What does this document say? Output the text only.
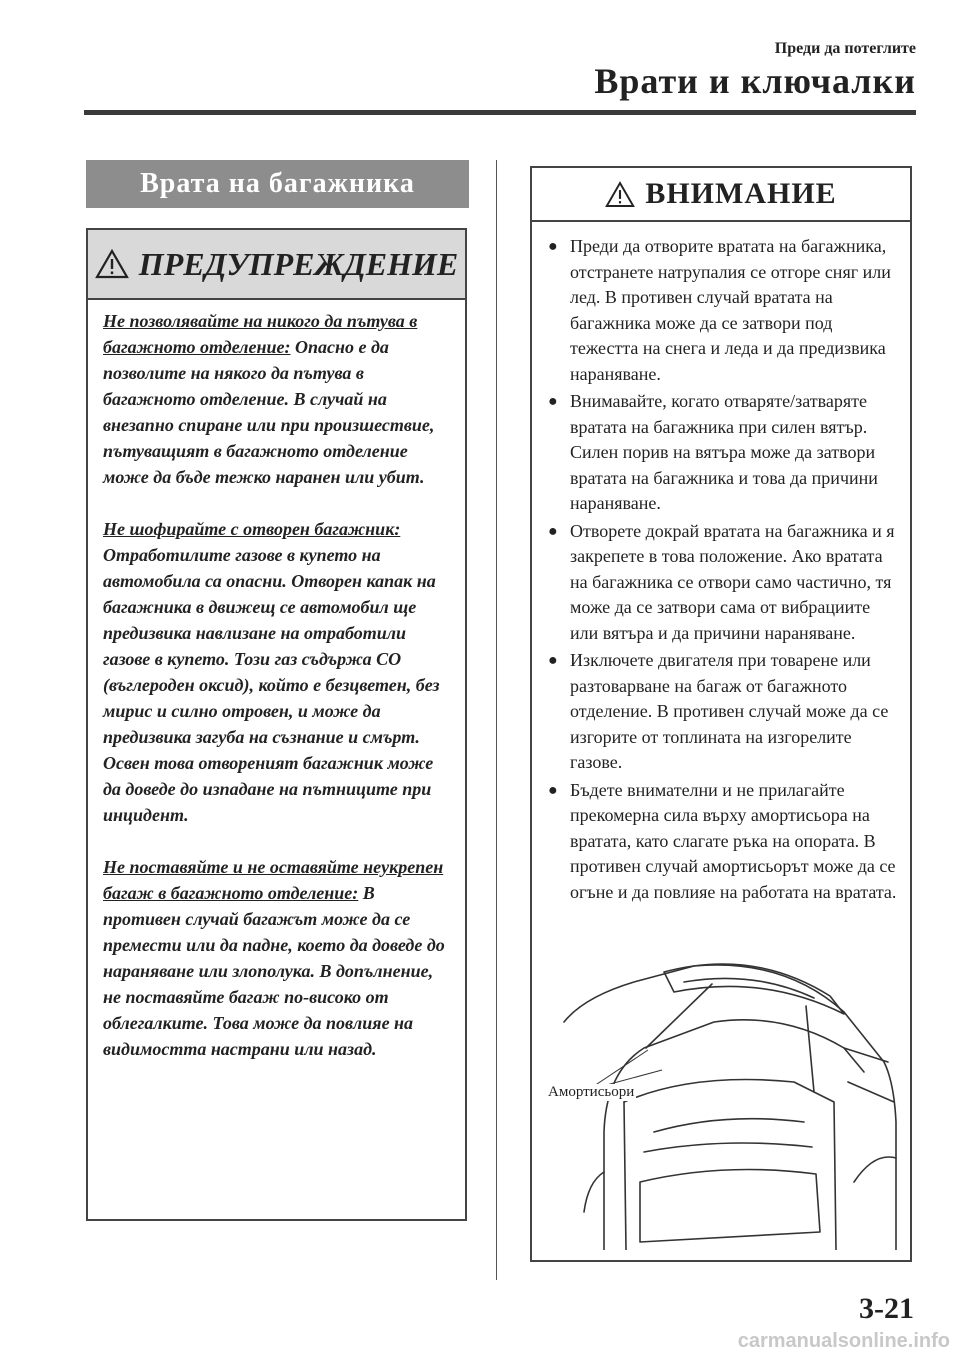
Преди да потеглите
Врати и ключалки
Врата на багажника
ПРЕДУПРЕЖДЕНИЕ

Не позволявайте на никого да пътува в багажното отделение: Опасно е да позволите на някого да пътува в багажното отделение. В случай на внезапно спиране или при произшествие, пътуващият в багажното отделение може да бъде тежко наранен или убит.

Не шофирайте с отворен багажник: Отработилите газове в купето на автомобила са опасни. Отворен капак на багажника в движещ се автомобил ще предизвика навлизане на отработили газове в купето. Този газ съдържа CO (въглероден оксид), който е безцветен, без мирис и силно отровен, и може да предизвика загуба на съзнание и смърт. Освен това отвореният багажник може да доведе до изпадане на пътниците при инцидент.

Не поставяйте и не оставяйте неукрепен багаж в багажното отделение: В противен случай багажът може да се премести или да падне, което да доведе до нараняване или злополука. В допълнение, не поставяйте багаж по-високо от облегалките. Това може да повлияе на видимостта настрани или назад.

ВНИМАНИЕ
● Преди да отворите вратата на багажника, отстранете натрупалия се отгоре сняг или лед. В противен случай вратата на багажника може да се затвори под тежестта на снега и леда и да предизвика нараняване.
● Внимавайте, когато отваряте/затваряте вратата на багажника при силен вятър. Силен порив на вятъра може да затвори вратата на багажника и това да причини нараняване.
● Отворете докрай вратата на багажника и я закрепете в това положение. Ако вратата на багажника се отвори само частично, тя може да се затвори сама от вибрациите или вятъра и да причини нараняване.
● Изключете двигателя при товарене или разтоварване на багаж от багажното отделение. В противен случай може да се изгорите от топлината на изгорелите газове.
● Бъдете внимателни и не прилагайте прекомерна сила върху амортисьора на вратата, като слагате ръка на опората. В противен случай амортисьорът може да се огъне и да повлияе на работата на вратата.
Амортисьори
3-21
carmanualsonline.info
